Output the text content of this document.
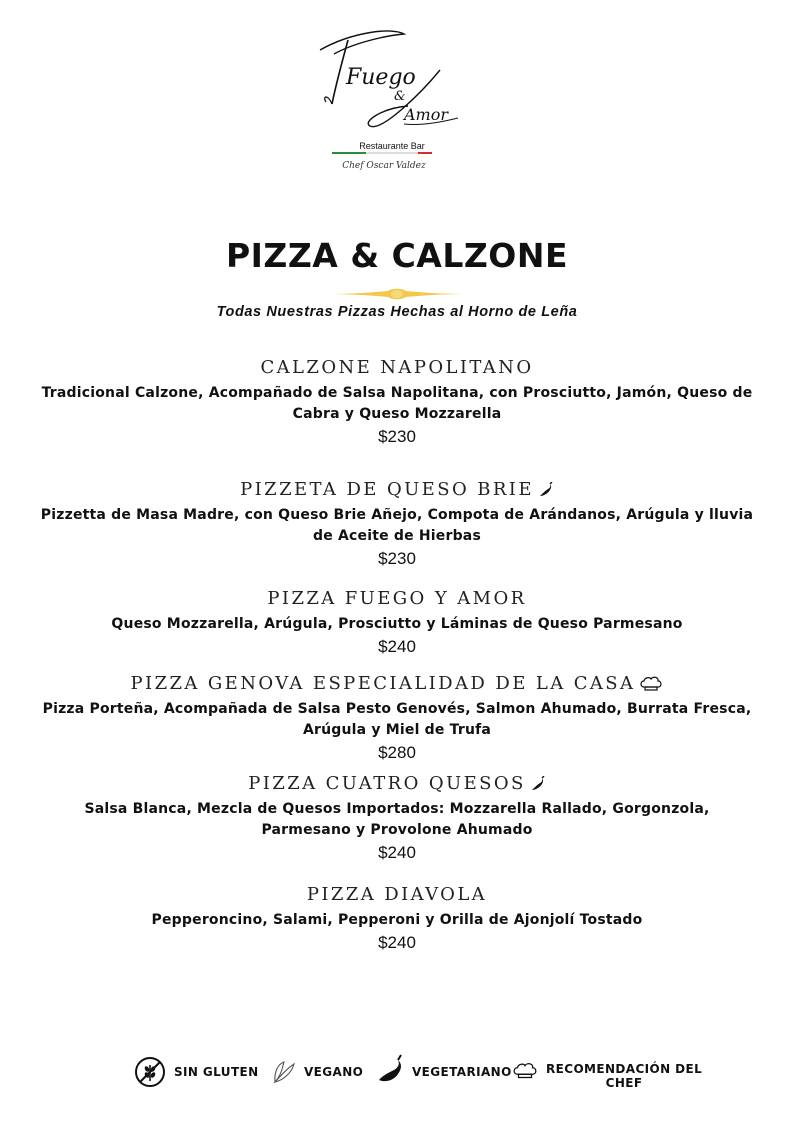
Fuego
&
Amor
Restaurante Bar
Chef Oscar Valdez
PIZZA & CALZONE
Todas Nuestras Pizzas Hechas al Horno de Leña
CALZONE NAPOLITANO
Tradicional Calzone, Acompañado de Salsa Napolitana, con Prosciutto, Jamón, Queso de Cabra y Queso Mozzarella
$230
PIZZETA DE QUESO BRIE
Pizzetta de Masa Madre, con Queso Brie Añejo, Compota de Arándanos, Arúgula y lluvia de Aceite de Hierbas
$230
PIZZA FUEGO Y AMOR
Queso Mozzarella, Arúgula, Prosciutto y Láminas de Queso Parmesano
$240
PIZZA GENOVA ESPECIALIDAD DE LA CASA
Pizza Porteña, Acompañada de Salsa Pesto Genovés, Salmon Ahumado, Burrata Fresca, Arúgula y Miel de Trufa
$280
PIZZA CUATRO QUESOS
Salsa Blanca, Mezcla de Quesos Importados: Mozzarella Rallado, Gorgonzola, Parmesano y Provolone Ahumado
$240
PIZZA DIAVOLA
Pepperoncino, Salami, Pepperoni y Orilla de Ajonjolí Tostado
$240
SIN GLUTEN	VEGANO	VEGETARIANO	RECOMENDACIÓN DEL
CHEF
